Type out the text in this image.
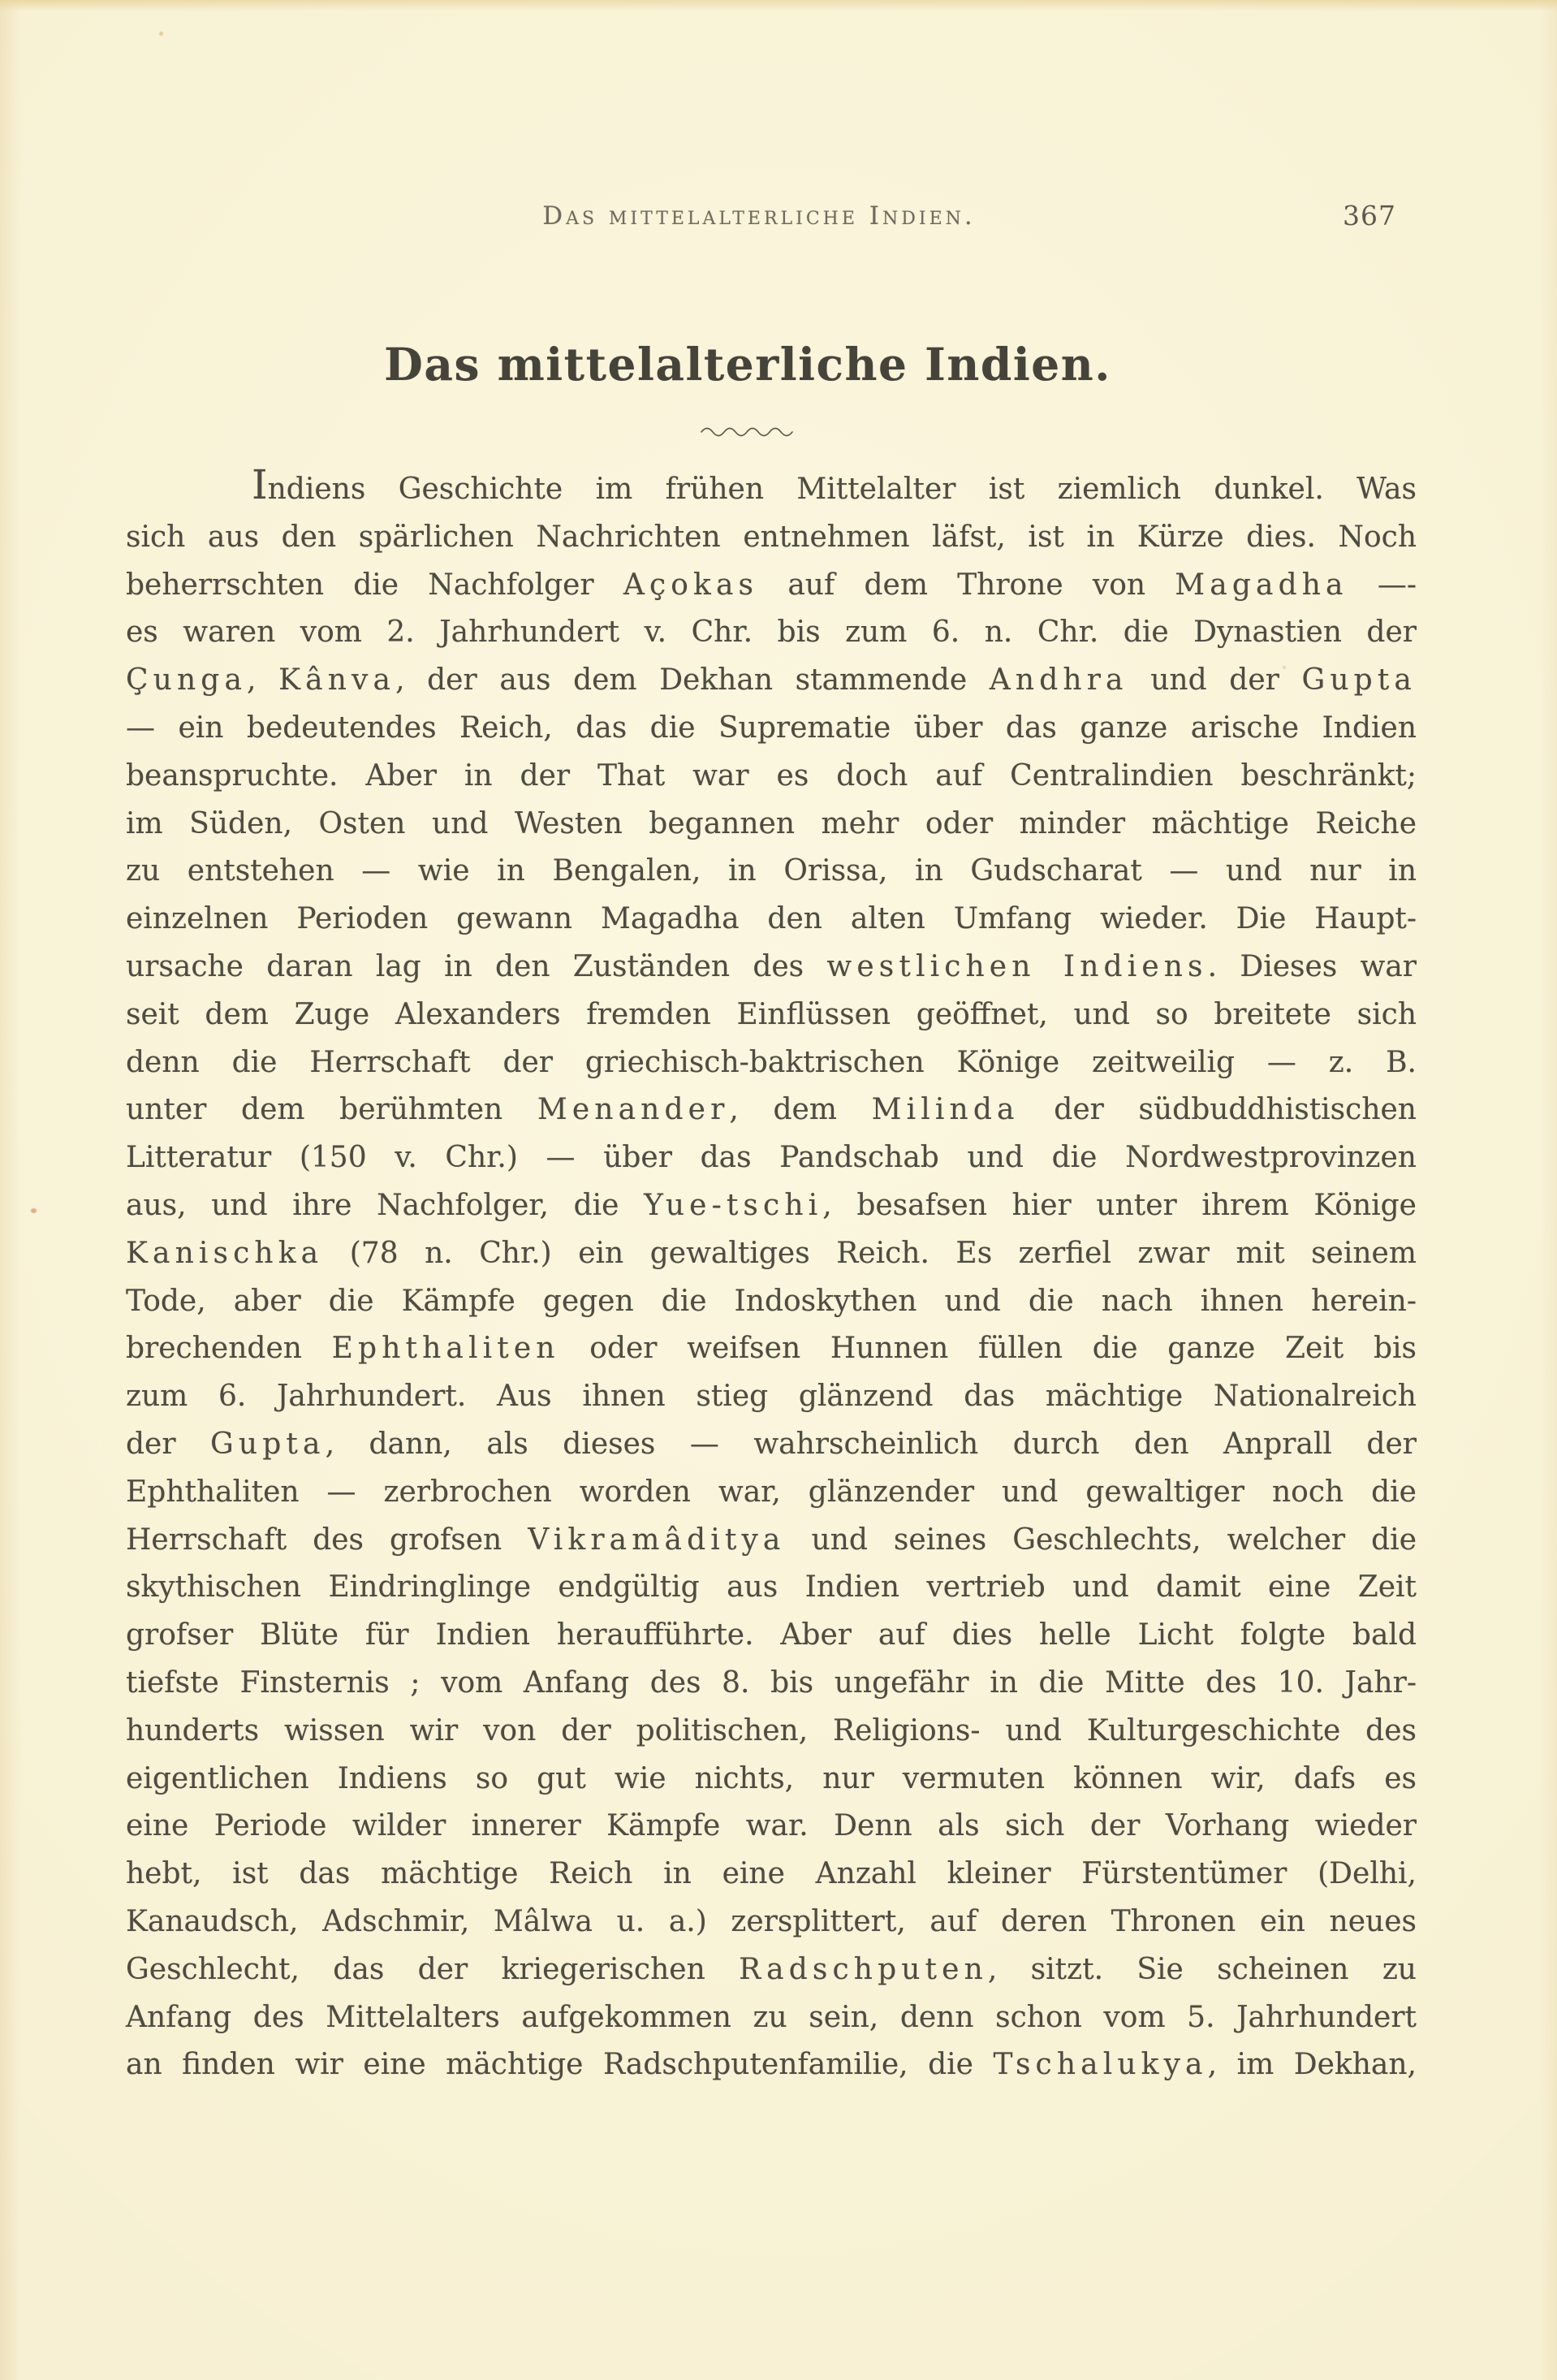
Das mittelalterliche Indien.	367
Das mittelalterliche Indien.
Indiens Geschichte im frühen Mittelalter ist ziemlich dunkel. Was
sich aus den spärlichen Nachrichten entnehmen läfst, ist in Kürze dies. Noch
beherrschten die Nachfolger Açokas auf dem Throne von Magadha —-
es waren vom 2. Jahrhundert v. Chr. bis zum 6. n. Chr. die Dynastien der
Çunga, Kânva, der aus dem Dekhan stammende Andhra und der Gupta
— ein bedeutendes Reich, das die Suprematie über das ganze arische Indien
beanspruchte. Aber in der That war es doch auf Centralindien beschränkt;
im Süden, Osten und Westen begannen mehr oder minder mächtige Reiche
zu entstehen — wie in Bengalen, in Orissa, in Gudscharat — und nur in
einzelnen Perioden gewann Magadha den alten Umfang wieder. Die Haupt-
ursache daran lag in den Zuständen des westlichen Indiens. Dieses war
seit dem Zuge Alexanders fremden Einflüssen geöffnet, und so breitete sich
denn die Herrschaft der griechisch-baktrischen Könige zeitweilig — z. B.
unter dem berühmten Menander, dem Milinda der südbuddhistischen
Litteratur (150 v. Chr.) — über das Pandschab und die Nordwestprovinzen
aus, und ihre Nachfolger, die Yue-tschi, besafsen hier unter ihrem Könige
Kanischka (78 n. Chr.) ein gewaltiges Reich. Es zerfiel zwar mit seinem
Tode, aber die Kämpfe gegen die Indoskythen und die nach ihnen herein-
brechenden Ephthaliten oder weifsen Hunnen füllen die ganze Zeit bis
zum 6. Jahrhundert. Aus ihnen stieg glänzend das mächtige Nationalreich
der Gupta, dann, als dieses — wahrscheinlich durch den Anprall der
Ephthaliten — zerbrochen worden war, glänzender und gewaltiger noch die
Herrschaft des grofsen Vikramâditya und seines Geschlechts, welcher die
skythischen Eindringlinge endgültig aus Indien vertrieb und damit eine Zeit
grofser Blüte für Indien heraufführte. Aber auf dies helle Licht folgte bald
tiefste Finsternis ; vom Anfang des 8. bis ungefähr in die Mitte des 10. Jahr-
hunderts wissen wir von der politischen, Religions- und Kulturgeschichte des
eigentlichen Indiens so gut wie nichts, nur vermuten können wir, dafs es
eine Periode wilder innerer Kämpfe war. Denn als sich der Vorhang wieder
hebt, ist das mächtige Reich in eine Anzahl kleiner Fürstentümer (Delhi,
Kanaudsch, Adschmir, Mâlwa u. a.) zersplittert, auf deren Thronen ein neues
Geschlecht, das der kriegerischen Radschputen, sitzt. Sie scheinen zu
Anfang des Mittelalters aufgekommen zu sein, denn schon vom 5. Jahrhundert
an finden wir eine mächtige Radschputenfamilie, die Tschalukya, im Dekhan,
